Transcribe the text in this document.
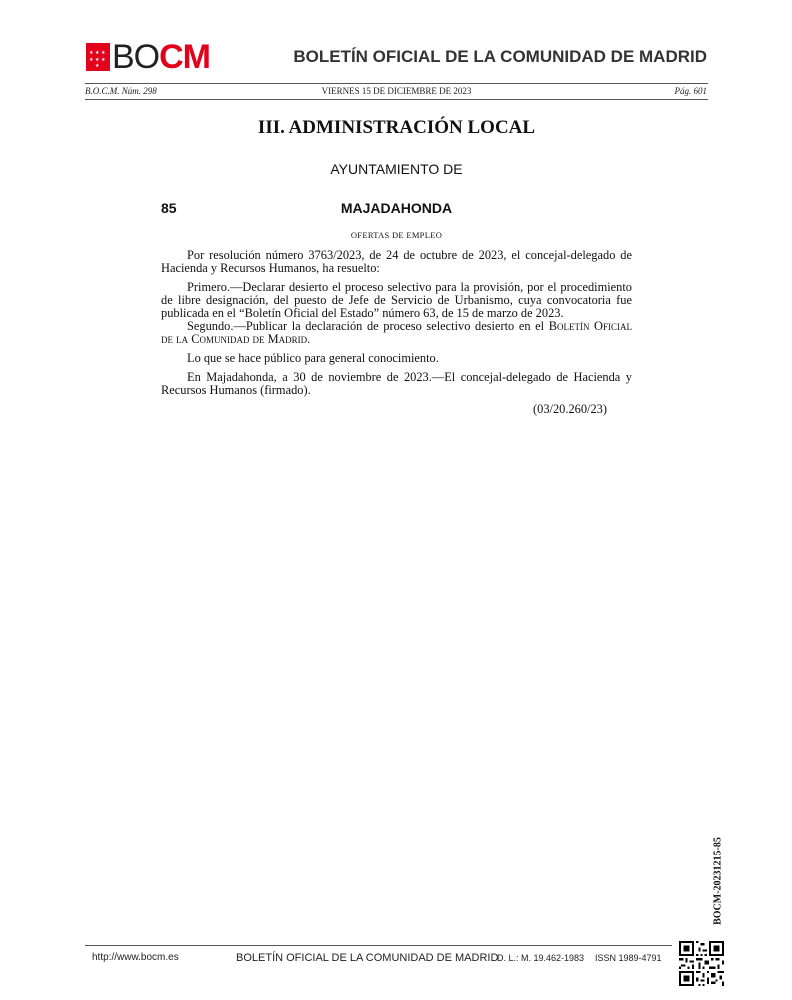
★ ★ ★
★ ★ ★
★ BO CM	BOLETÍN OFICIAL DE LA COMUNIDAD DE MADRID
B.O.C.M. Núm. 298	VIERNES 15 DE DICIEMBRE DE 2023	Pág. 601
III. ADMINISTRACIÓN LOCAL
AYUNTAMIENTO DE
85	MAJADAHONDA
OFERTAS DE EMPLEO

Por resolución número 3763/2023, de 24 de octubre de 2023, el concejal-delegado de Hacienda y Recursos Humanos, ha resuelto:

Primero.—Declarar desierto el proceso selectivo para la provisión, por el procedimiento de libre designación, del puesto de Jefe de Servicio de Urbanismo, cuya convocatoria fue publicada en el “Boletín Oficial del Estado” número 63, de 15 de marzo de 2023.

Segundo.—Publicar la declaración de proceso selectivo desierto en el Boletín Oficial de la Comunidad de Madrid.

Lo que se hace público para general conocimiento.

En Majadahonda, a 30 de noviembre de 2023.—El concejal-delegado de Hacienda y Recursos Humanos (firmado).

(03/20.260/23)
BOCM-20231215-85
http://www.bocm.es	BOLETÍN OFICIAL DE LA COMUNIDAD DE MADRID
D. L.: M. 19.462-1983 ISSN 1989-4791
